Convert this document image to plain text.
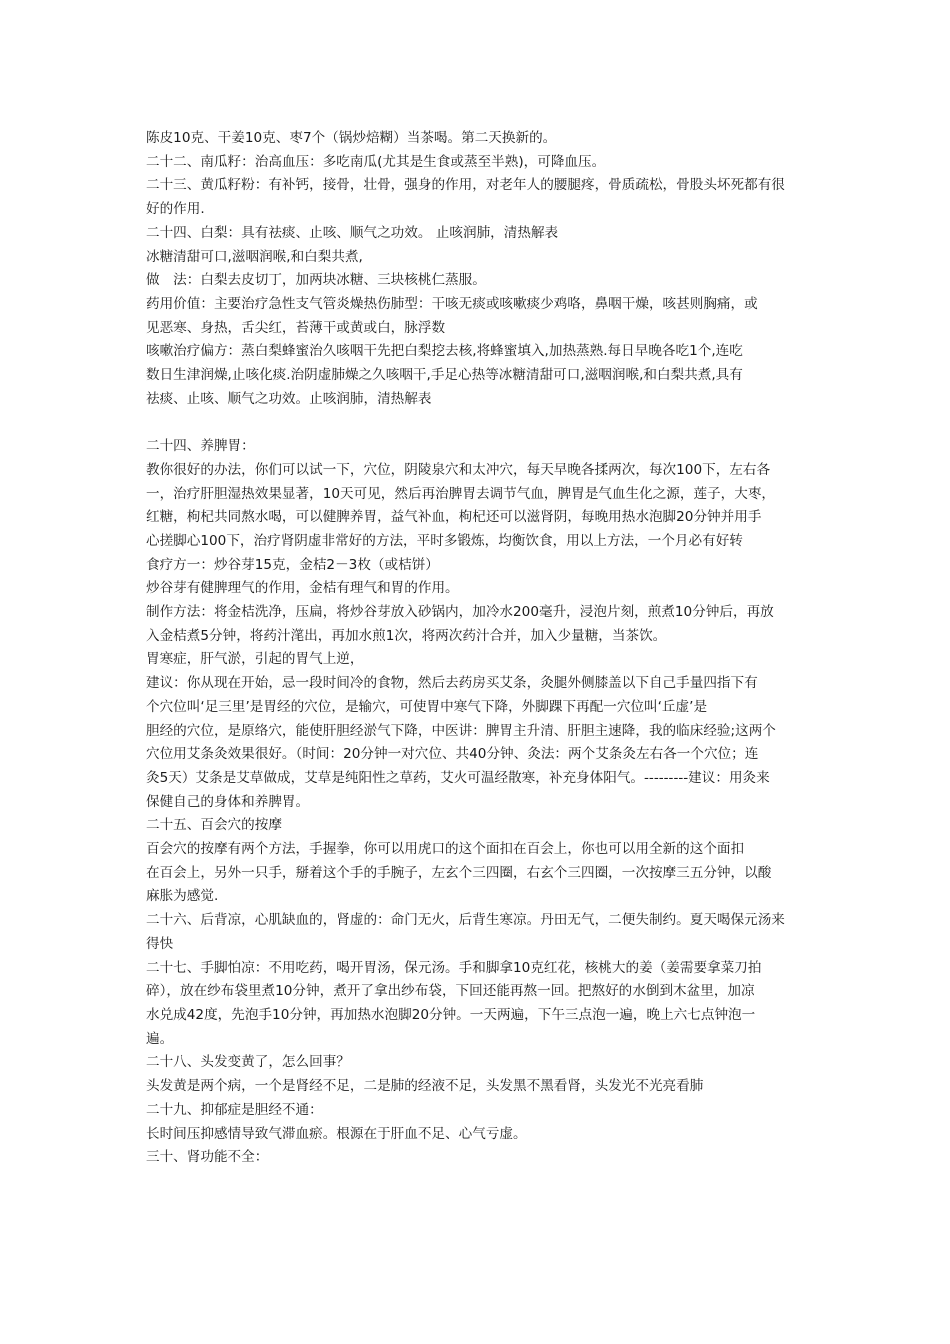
陈皮10克、干姜10克、枣7个（锅炒焙糊）当茶喝。第二天换新的。
二十二、南瓜籽：治高血压：多吃南瓜(尤其是生食或蒸至半熟)，可降血压。
二十三、黄瓜籽粉：有补钙，接骨，壮骨，强身的作用，对老年人的腰腿疼，骨质疏松，骨股头坏死都有很
好的作用.
二十四、白梨：具有祛痰、止咳、顺气之功效。 止咳润肺，清热解表
冰糖清甜可口,滋咽润喉,和白梨共煮,
做　法：白梨去皮切丁，加两块冰糖、三块核桃仁蒸服。
药用价值：主要治疗急性支气管炎燥热伤肺型：干咳无痰或咳嗽痰少鸡咯，鼻咽干燥，咳甚则胸痛，或
见恶寒、身热，舌尖红，苔薄干或黄或白，脉浮数
咳嗽治疗偏方：蒸白梨蜂蜜治久咳咽干先把白梨挖去核,将蜂蜜填入,加热蒸熟.每日早晚各吃1个,连吃
数日生津润燥,止咳化痰.治阴虚肺燥之久咳咽干,手足心热等冰糖清甜可口,滋咽润喉,和白梨共煮,具有
祛痰、止咳、顺气之功效。止咳润肺，清热解表
二十四、养脾胃：
教你很好的办法，你们可以试一下，穴位，阴陵泉穴和太冲穴，每天早晚各揉两次，每次100下，左右各
一，治疗肝胆湿热效果显著，10天可见，然后再治脾胃去调节气血，脾胃是气血生化之源，莲子，大枣，
红糖，枸杞共同熬水喝，可以健脾养胃，益气补血，枸杞还可以滋肾阴，每晚用热水泡脚20分钟并用手
心搓脚心100下，治疗肾阴虚非常好的方法，平时多锻炼，均衡饮食，用以上方法，一个月必有好转
食疗方一：炒谷芽15克，金桔2－3枚（或桔饼）
炒谷芽有健脾理气的作用，金桔有理气和胃的作用。
制作方法：将金桔洗净，压扁，将炒谷芽放入砂锅内，加冷水200毫升，浸泡片刻，煎煮10分钟后，再放
入金桔煮5分钟，将药汁滗出，再加水煎1次，将两次药汁合并，加入少量糖，当茶饮。
胃寒症，肝气淤，引起的胃气上逆，
建议：你从现在开始，忌一段时间冷的食物，然后去药房买艾条，灸腿外侧膝盖以下自己手量四指下有
个穴位叫‘足三里’是胃经的穴位，是输穴，可使胃中寒气下降，外脚踝下再配一穴位叫‘丘虚’是
胆经的穴位，是原络穴，能使肝胆经淤气下降，中医讲：脾胃主升清、肝胆主速降，我的临床经验;这两个
穴位用艾条灸效果很好。（时间：20分钟一对穴位、共40分钟、灸法：两个艾条灸左右各一个穴位；连
灸5天）艾条是艾草做成，艾草是纯阳性之草药，艾火可温经散寒，补充身体阳气。---------建议：用灸来
保健自己的身体和养脾胃。
二十五、百会穴的按摩
百会穴的按摩有两个方法，手握拳，你可以用虎口的这个面扣在百会上，你也可以用全新的这个面扣
在百会上，另外一只手，掰着这个手的手腕子，左玄个三四圈，右玄个三四圈，一次按摩三五分钟，以酸
麻胀为感觉.
二十六、后背凉，心肌缺血的，肾虚的：命门无火，后背生寒凉。丹田无气，二便失制约。夏天喝保元汤来
得快
二十七、手脚怕凉：不用吃药，喝开胃汤，保元汤。手和脚拿10克红花，核桃大的姜（姜需要拿菜刀拍
碎），放在纱布袋里煮10分钟，煮开了拿出纱布袋，下回还能再熬一回。把熬好的水倒到木盆里，加凉
水兑成42度，先泡手10分钟，再加热水泡脚20分钟。一天两遍，下午三点泡一遍，晚上六七点钟泡一
遍。
二十八、头发变黄了，怎么回事？
头发黄是两个病，一个是肾经不足，二是肺的经液不足，头发黑不黑看肾，头发光不光亮看肺
二十九、抑郁症是胆经不通：
长时间压抑感情导致气滞血瘀。根源在于肝血不足、心气亏虚。
三十、肾功能不全：
